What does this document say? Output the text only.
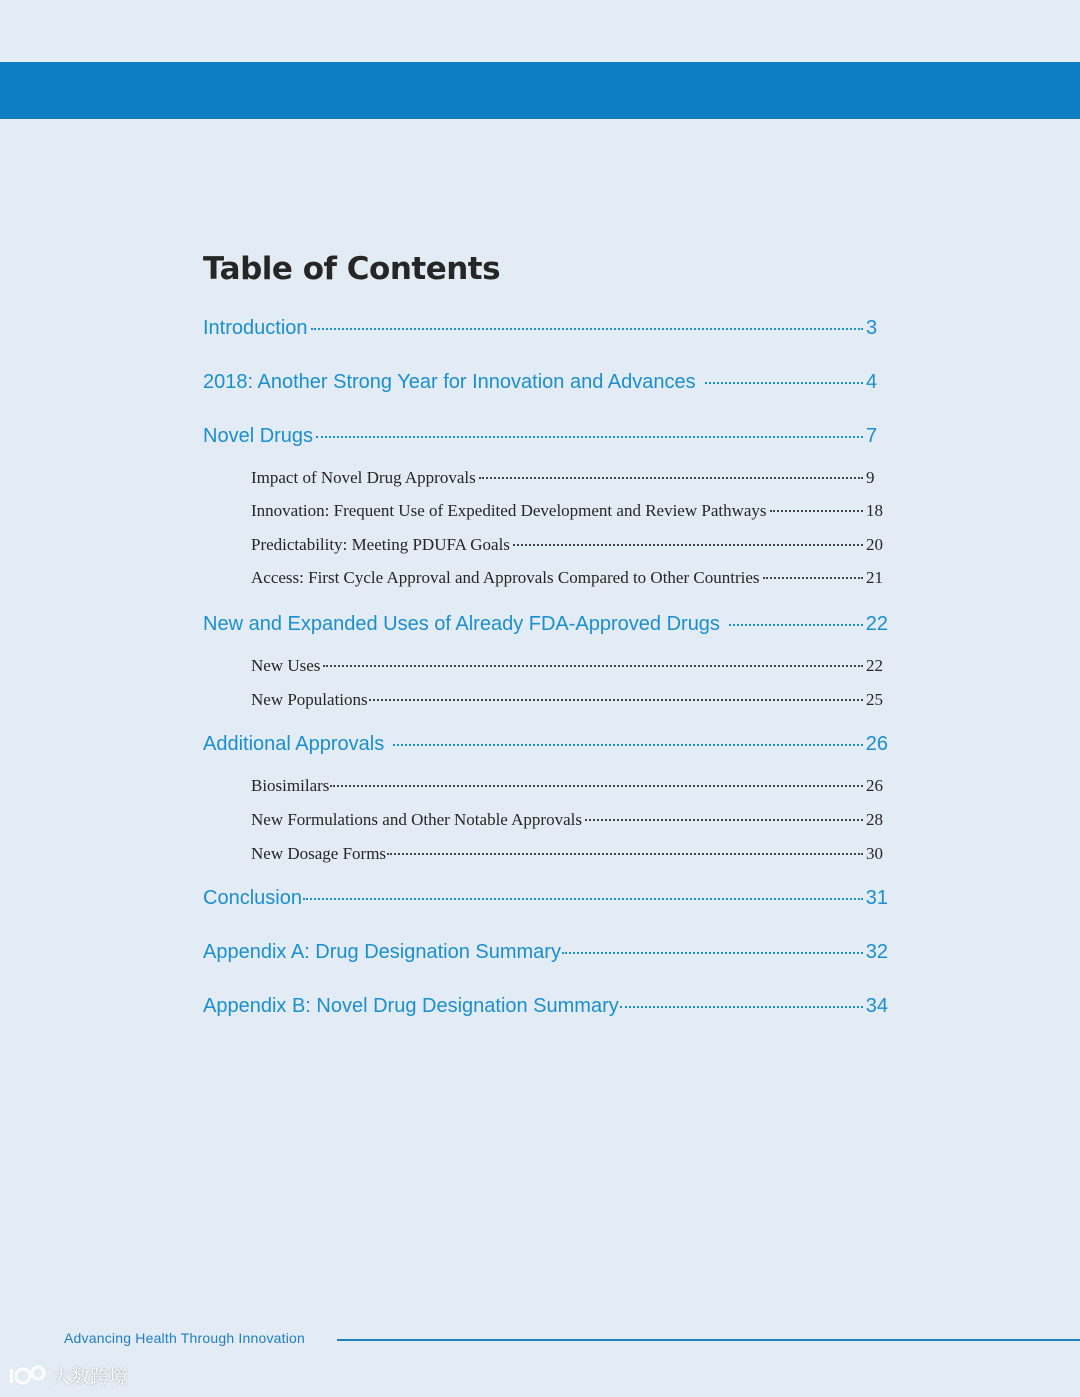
Table of Contents
Introduction	3
2018: Another Strong Year for Innovation and Advances	4
Novel Drugs	7
Impact of Novel Drug Approvals	9
Innovation: Frequent Use of Expedited Development and Review Pathways	18
Predictability: Meeting PDUFA Goals	20
Access: First Cycle Approval and Approvals Compared to Other Countries	21
New and Expanded Uses of Already FDA-Approved Drugs	22
New Uses	22
New Populations	25
Additional Approvals	26
Biosimilars	26
New Formulations and Other Notable Approvals	28
New Dosage Forms	30
Conclusion	31
Appendix A: Drug Designation Summary	32
Appendix B: Novel Drug Designation Summary	34
Advancing Health Through Innovation
大数跨境
